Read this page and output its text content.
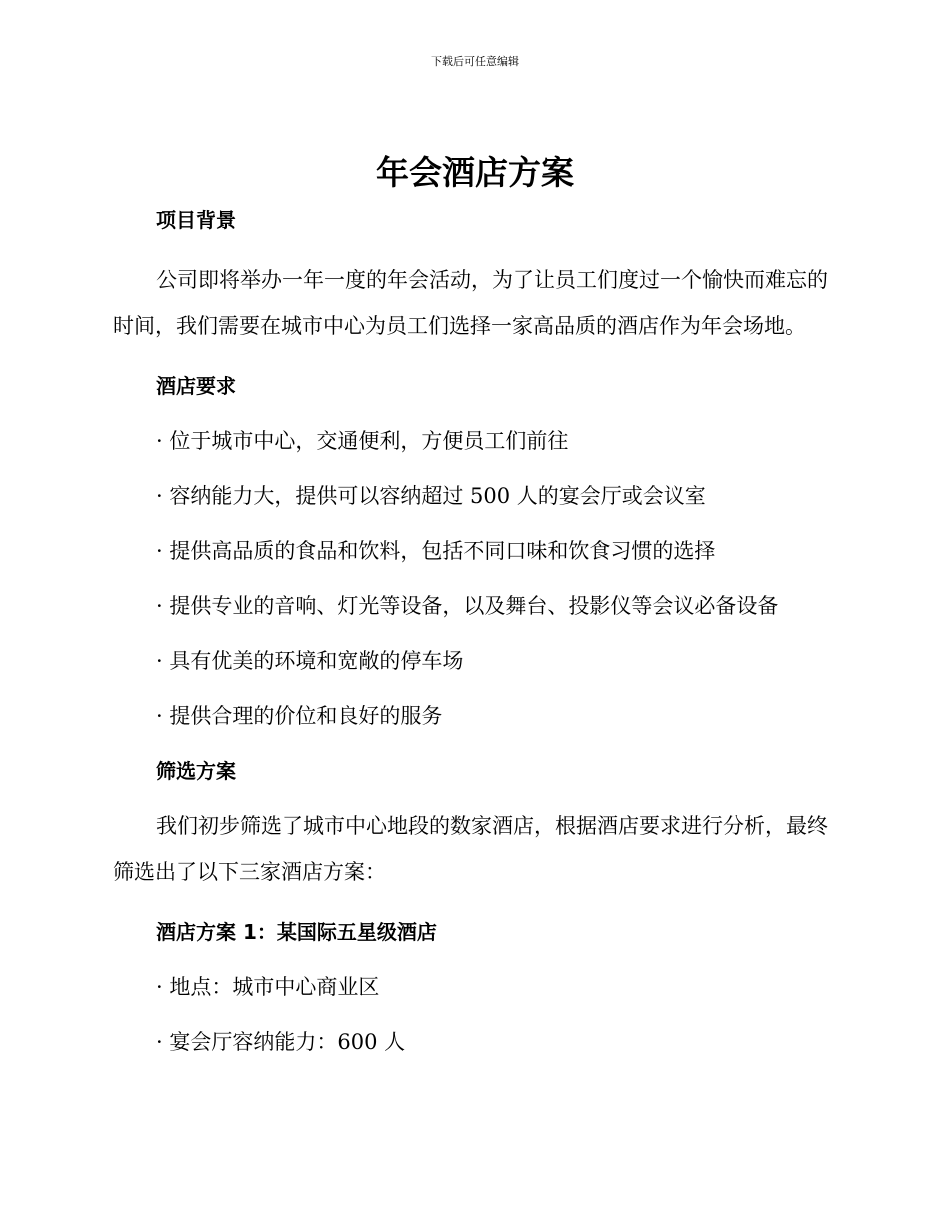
下载后可任意编辑
年会酒店方案
项目背景

公司即将举办一年一度的年会活动，为了让员工们度过一个愉快而难忘的时间，我们需要在城市中心为员工们选择一家高品质的酒店作为年会场地。

酒店要求

· 位于城市中心，交通便利，方便员工们前往

· 容纳能力大，提供可以容纳超过 500 人的宴会厅或会议室

· 提供高品质的食品和饮料，包括不同口味和饮食习惯的选择

· 提供专业的音响、灯光等设备，以及舞台、投影仪等会议必备设备

· 具有优美的环境和宽敞的停车场

· 提供合理的价位和良好的服务

筛选方案

我们初步筛选了城市中心地段的数家酒店，根据酒店要求进行分析，最终筛选出了以下三家酒店方案：

酒店方案 1：某国际五星级酒店

· 地点：城市中心商业区

· 宴会厅容纳能力：600 人
